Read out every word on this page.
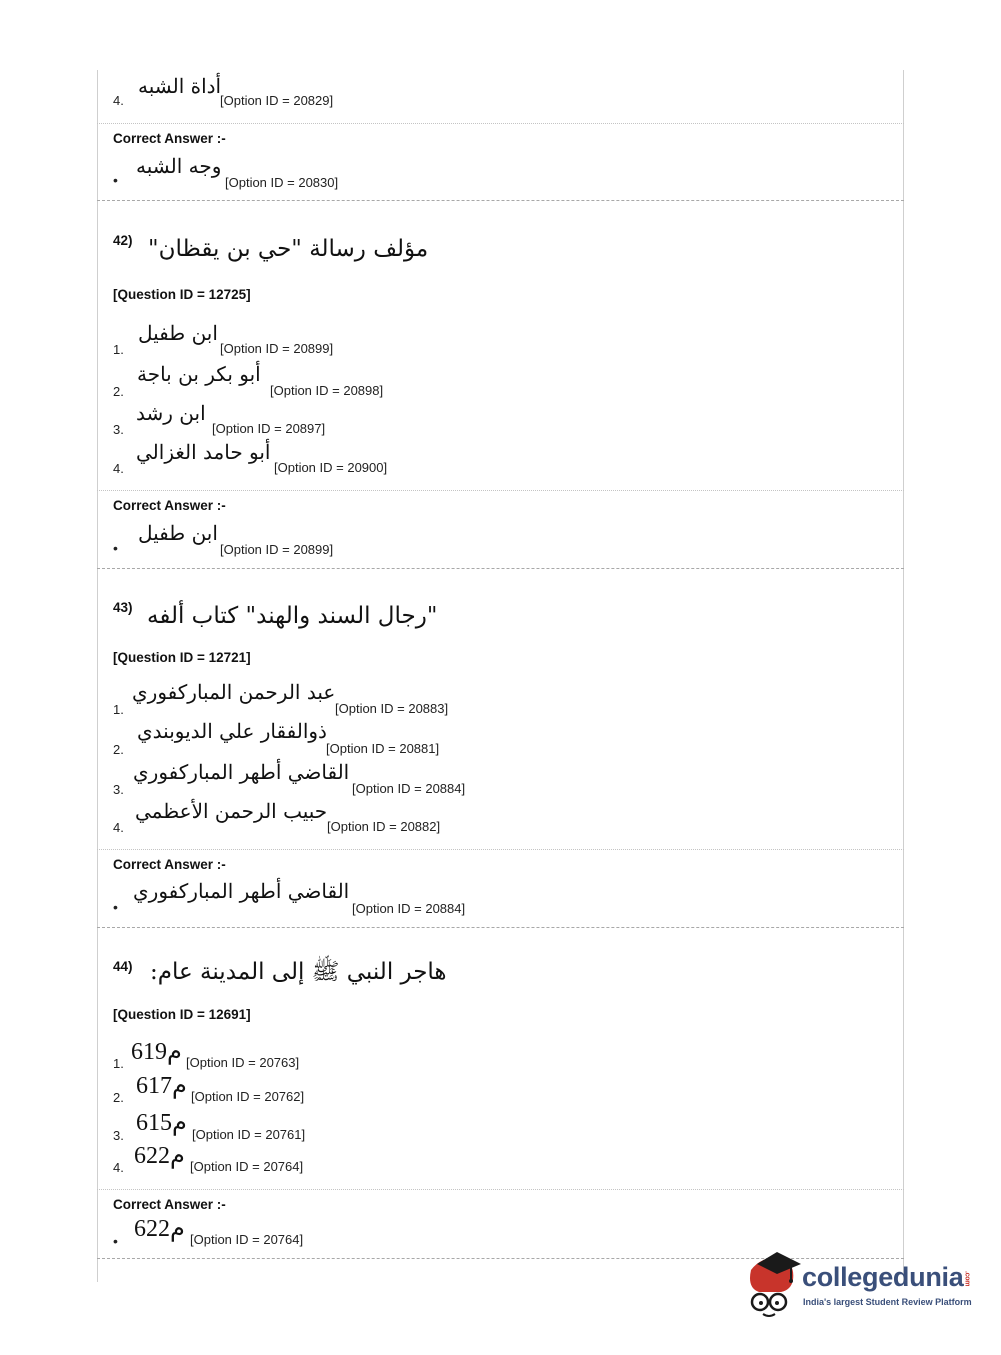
4.
أداة الشبه
[Option ID = 20829]
Correct Answer :-
•
وجه الشبه
[Option ID = 20830]
42) مؤلف رسالة "حي بن يقظان"
[Question ID = 12725]
1.
ابن طفيل
[Option ID = 20899]
2.
أبو بكر بن باجة
[Option ID = 20898]
3.
ابن رشد
[Option ID = 20897]
4.
أبو حامد الغزالي
[Option ID = 20900]
Correct Answer :-
•
ابن طفيل
[Option ID = 20899]
43) "رجال السند والهند" كتاب ألفه
[Question ID = 12721]
1.
عبد الرحمن المباركفوري
[Option ID = 20883]
2.
ذوالفقار علي الديوبندي
[Option ID = 20881]
3.
القاضي أطهر المباركفوري
[Option ID = 20884]
4.
حبيب الرحمن الأعظمي
[Option ID = 20882]
Correct Answer :-
•
القاضي أطهر المباركفوري
[Option ID = 20884]
44) هاجر النبي ﷺ إلى المدينة عام:
[Question ID = 12691]
1. 619م [Option ID = 20763]
2. 617م [Option ID = 20762]
3. 615م [Option ID = 20761]
4. 622م [Option ID = 20764]
Correct Answer :-
• 622م [Option ID = 20764]
collegedunia.com
India's largest Student Review Platform
